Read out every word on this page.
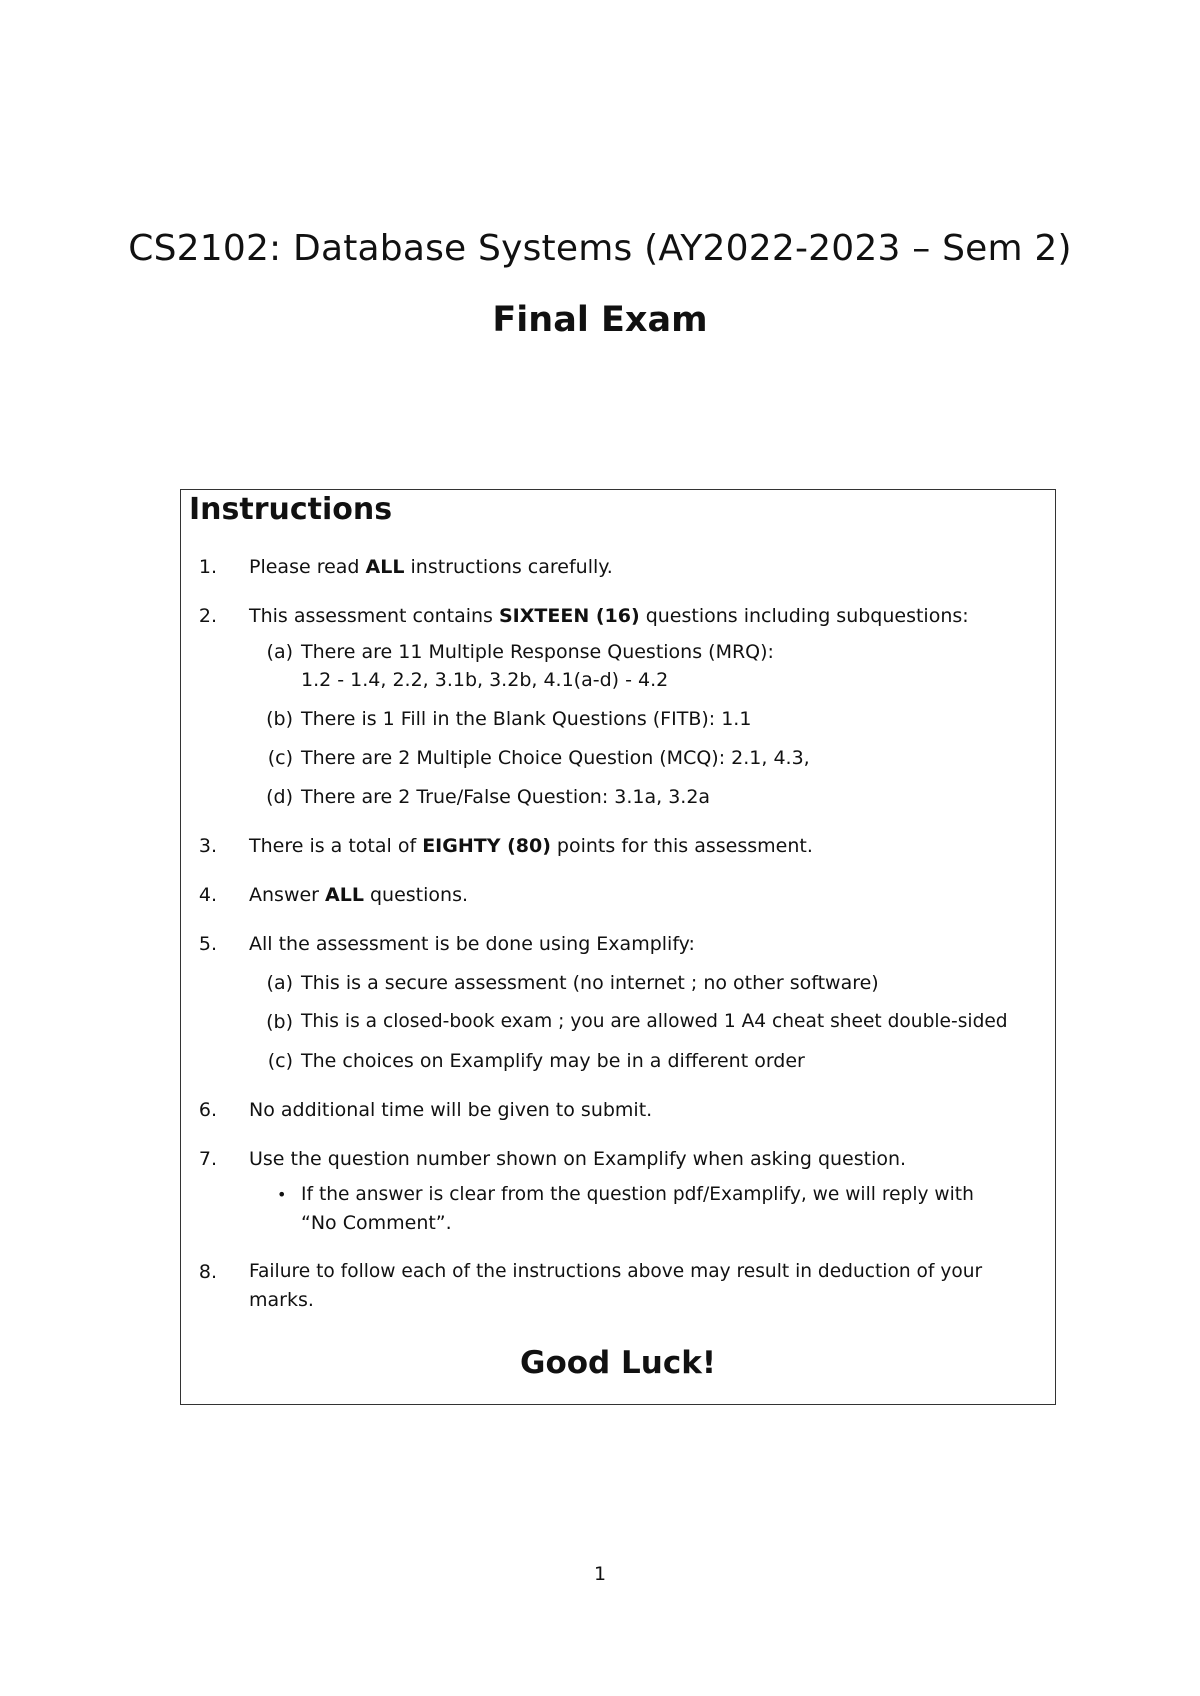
CS2102: Database Systems (AY2022-2023 – Sem 2)
Final Exam
Instructions
1. Please read ALL instructions carefully.
2. This assessment contains SIXTEEN (16) questions including subquestions:
(a) There are 11 Multiple Response Questions (MRQ):
1.2 - 1.4, 2.2, 3.1b, 3.2b, 4.1(a-d) - 4.2
(b) There is 1 Fill in the Blank Questions (FITB): 1.1
(c) There are 2 Multiple Choice Question (MCQ): 2.1, 4.3,
(d) There are 2 True/False Question: 3.1a, 3.2a
3. There is a total of EIGHTY (80) points for this assessment.
4. Answer ALL questions.
5. All the assessment is be done using Examplify:
(a) This is a secure assessment (no internet ; no other software)
(b) This is a closed-book exam ; you are allowed 1 A4 cheat sheet double-sided
(c) The choices on Examplify may be in a different order
6. No additional time will be given to submit.
7. Use the question number shown on Examplify when asking question.
• If the answer is clear from the question pdf/Examplify, we will reply with
“No Comment”.
8. Failure to follow each of the instructions above may result in deduction of your
marks.
Good Luck!
1
